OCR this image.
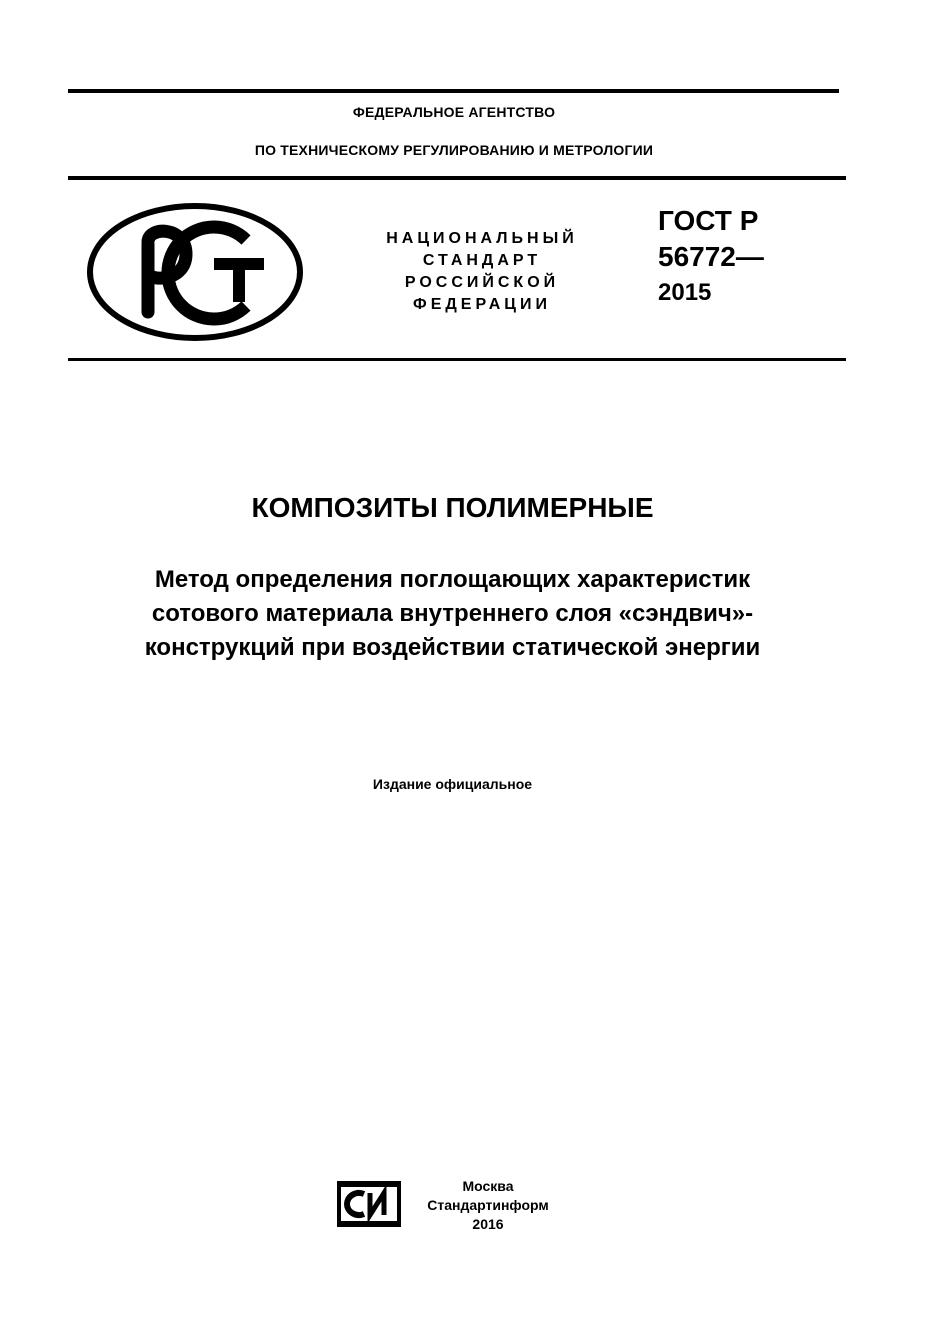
ФЕДЕРАЛЬНОЕ АГЕНТСТВО
ПО ТЕХНИЧЕСКОМУ РЕГУЛИРОВАНИЮ И МЕТРОЛОГИИ
НАЦИОНАЛЬНЫЙ
СТАНДАРТ
РОССИЙСКОЙ
ФЕДЕРАЦИИ
ГОСТ Р
56772—
2015
КОМПОЗИТЫ ПОЛИМЕРНЫЕ
Метод определения поглощающих характеристик
сотового материала внутреннего слоя «сэндвич»-
конструкций при воздействии статической энергии
Издание официальное
Москва
Стандартинформ
2016
